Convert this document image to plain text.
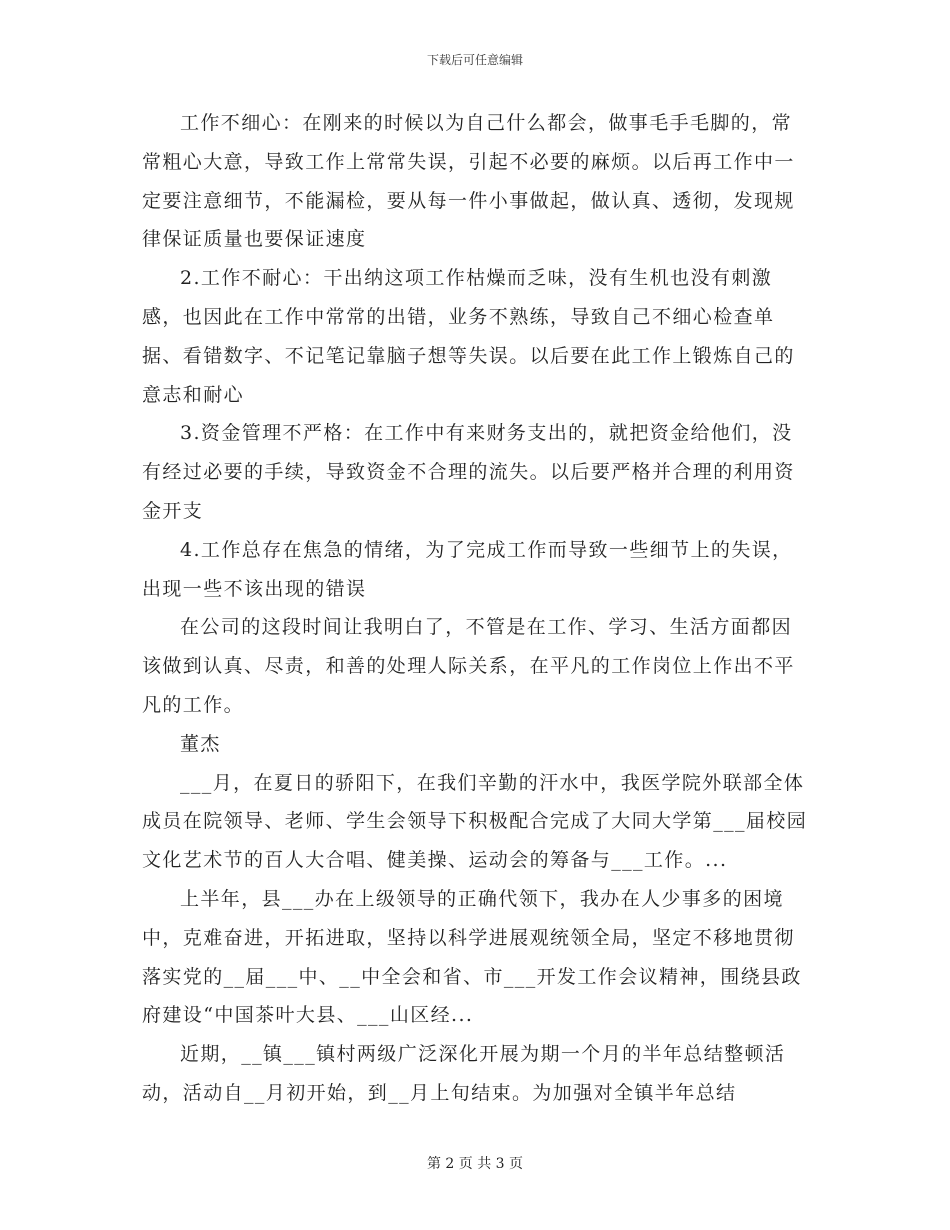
下载后可任意编辑

工作不细心：在刚来的时候以为自己什么都会，做事毛手毛脚的，常常粗心大意，导致工作上常常失误，引起不必要的麻烦。以后再工作中一定要注意细节，不能漏检，要从每一件小事做起，做认真、透彻，发现规律保证质量也要保证速度

2.工作不耐心：干出纳这项工作枯燥而乏味，没有生机也没有刺激感，也因此在工作中常常的出错，业务不熟练，导致自己不细心检查单据、看错数字、不记笔记靠脑子想等失误。以后要在此工作上锻炼自己的意志和耐心

3.资金管理不严格：在工作中有来财务支出的，就把资金给他们，没有经过必要的手续，导致资金不合理的流失。以后要严格并合理的利用资金开支

4.工作总存在焦急的情绪，为了完成工作而导致一些细节上的失误，出现一些不该出现的错误

在公司的这段时间让我明白了，不管是在工作、学习、生活方面都因该做到认真、尽责，和善的处理人际关系，在平凡的工作岗位上作出不平凡的工作。

董杰

___月，在夏日的骄阳下，在我们辛勤的汗水中，我医学院外联部全体成员在院领导、老师、学生会领导下积极配合完成了大同大学第___届校园文化艺术节的百人大合唱、健美操、运动会的筹备与___工作。...

上半年，县___办在上级领导的正确代领下，我办在人少事多的困境中，克难奋进，开拓进取，坚持以科学进展观统领全局，坚定不移地贯彻落实党的__届___中、__中全会和省、市___开发工作会议精神，围绕县政府建设“中国茶叶大县、___山区经...

近期，__镇___镇村两级广泛深化开展为期一个月的半年总结整顿活动，活动自__月初开始，到__月上旬结束。为加强对全镇半年总结

第 2 页 共 3 页
